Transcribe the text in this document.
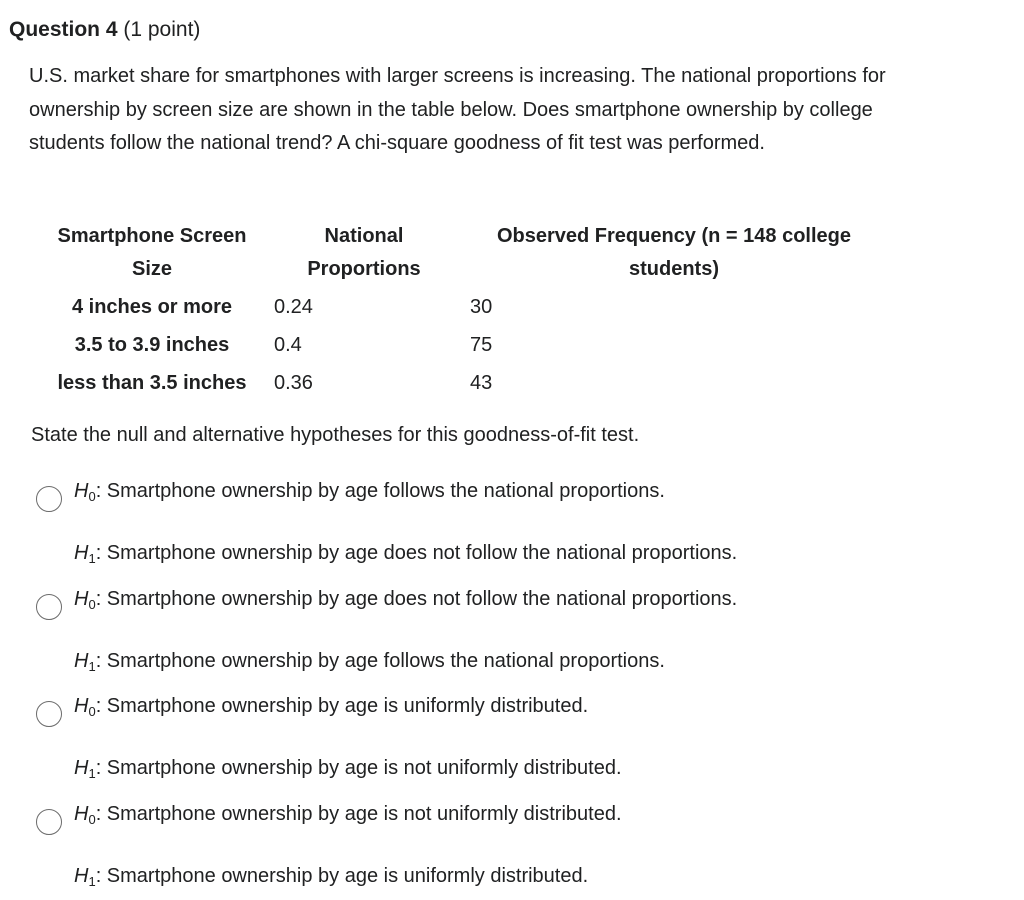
Question 4 (1 point)
U.S. market share for smartphones with larger screens is increasing. The national proportions for ownership by screen size are shown in the table below. Does smartphone ownership by college students follow the national trend? A chi-square goodness of fit test was performed.
Smartphone Screen Size	National Proportions	Observed Frequency (n = 148 college students)
4 inches or more	0.24	30
3.5 to 3.9 inches	0.4	75
less than 3.5 inches	0.36	43
State the null and alternative hypotheses for this goodness-of-fit test.
$H_0$: Smartphone ownership by age follows the national proportions.
$H_1$: Smartphone ownership by age does not follow the national proportions.
$H_0$: Smartphone ownership by age does not follow the national proportions.
$H_1$: Smartphone ownership by age follows the national proportions.
$H_0$: Smartphone ownership by age is uniformly distributed.
$H_1$: Smartphone ownership by age is not uniformly distributed.
$H_0$: Smartphone ownership by age is not uniformly distributed.
$H_1$: Smartphone ownership by age is uniformly distributed.
